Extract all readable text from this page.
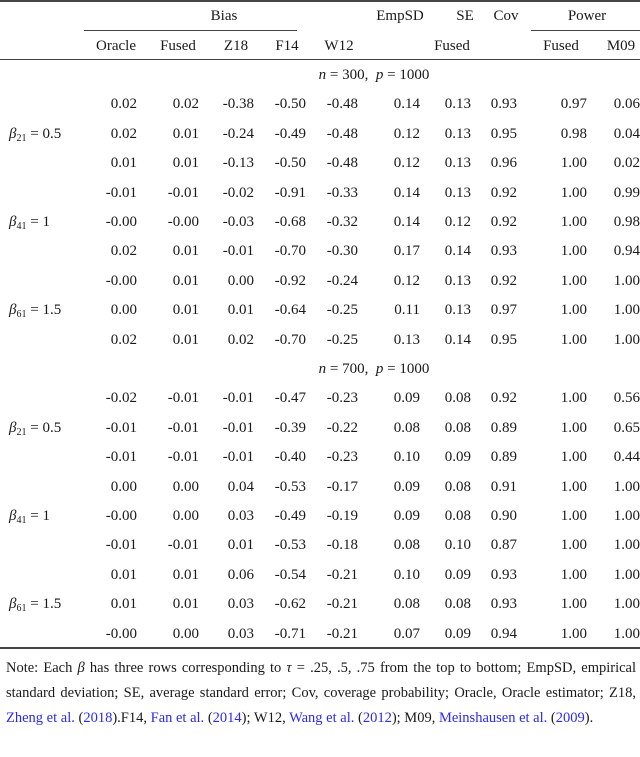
Bias	EmpSD SE Cov	Power
Oracle Fused Z18 F14 W12	Fused	Fused M09
n = 300,  p = 1000
0.02 0.02 -0.38 -0.50 -0.48 0.14 0.13 0.93	0.97 0.06
$\beta_{21} = 0.5$	0.02 0.01 -0.24 -0.49 -0.48 0.12 0.13 0.95	0.98 0.04
0.01 0.01 -0.13 -0.50 -0.48 0.12 0.13 0.96	1.00 0.02
-0.01 -0.01 -0.02 -0.91 -0.33 0.14 0.13 0.92	1.00 0.99
$\beta_{41} = 1$	-0.00 -0.00 -0.03 -0.68 -0.32 0.14 0.12 0.92	1.00 0.98
0.02 0.01 -0.01 -0.70 -0.30 0.17 0.14 0.93	1.00 0.94
-0.00 0.01 0.00 -0.92 -0.24 0.12 0.13 0.92	1.00 1.00
$\beta_{61} = 1.5$	0.00 0.01 0.01 -0.64 -0.25 0.11 0.13 0.97	1.00 1.00
0.02 0.01 0.02 -0.70 -0.25 0.13 0.14 0.95	1.00 1.00
n = 700,  p = 1000
-0.02 -0.01 -0.01 -0.47 -0.23 0.09 0.08 0.92	1.00 0.56
$\beta_{21} = 0.5$	-0.01 -0.01 -0.01 -0.39 -0.22 0.08 0.08 0.89	1.00 0.65
-0.01 -0.01 -0.01 -0.40 -0.23 0.10 0.09 0.89	1.00 0.44
0.00 0.00 0.04 -0.53 -0.17 0.09 0.08 0.91	1.00 1.00
$\beta_{41} = 1$	-0.00 0.00 0.03 -0.49 -0.19 0.09 0.08 0.90	1.00 1.00
-0.01 -0.01 0.01 -0.53 -0.18 0.08 0.10 0.87	1.00 1.00
0.01 0.01 0.06 -0.54 -0.21 0.10 0.09 0.93	1.00 1.00
$\beta_{61} = 1.5$	0.01 0.01 0.03 -0.62 -0.21 0.08 0.08 0.93	1.00 1.00
-0.00 0.00 0.03 -0.71 -0.21 0.07 0.09 0.94	1.00 1.00
Note: Each β has three rows corresponding to τ = .25, .5, .75 from the top to bottom; EmpSD, empirical standard deviation; SE, average standard error; Cov, coverage probability; Oracle, Oracle estimator; Z18, Zheng et al. (2018).F14, Fan et al. (2014); W12, Wang et al. (2012); M09, Meinshausen et al. (2009).
